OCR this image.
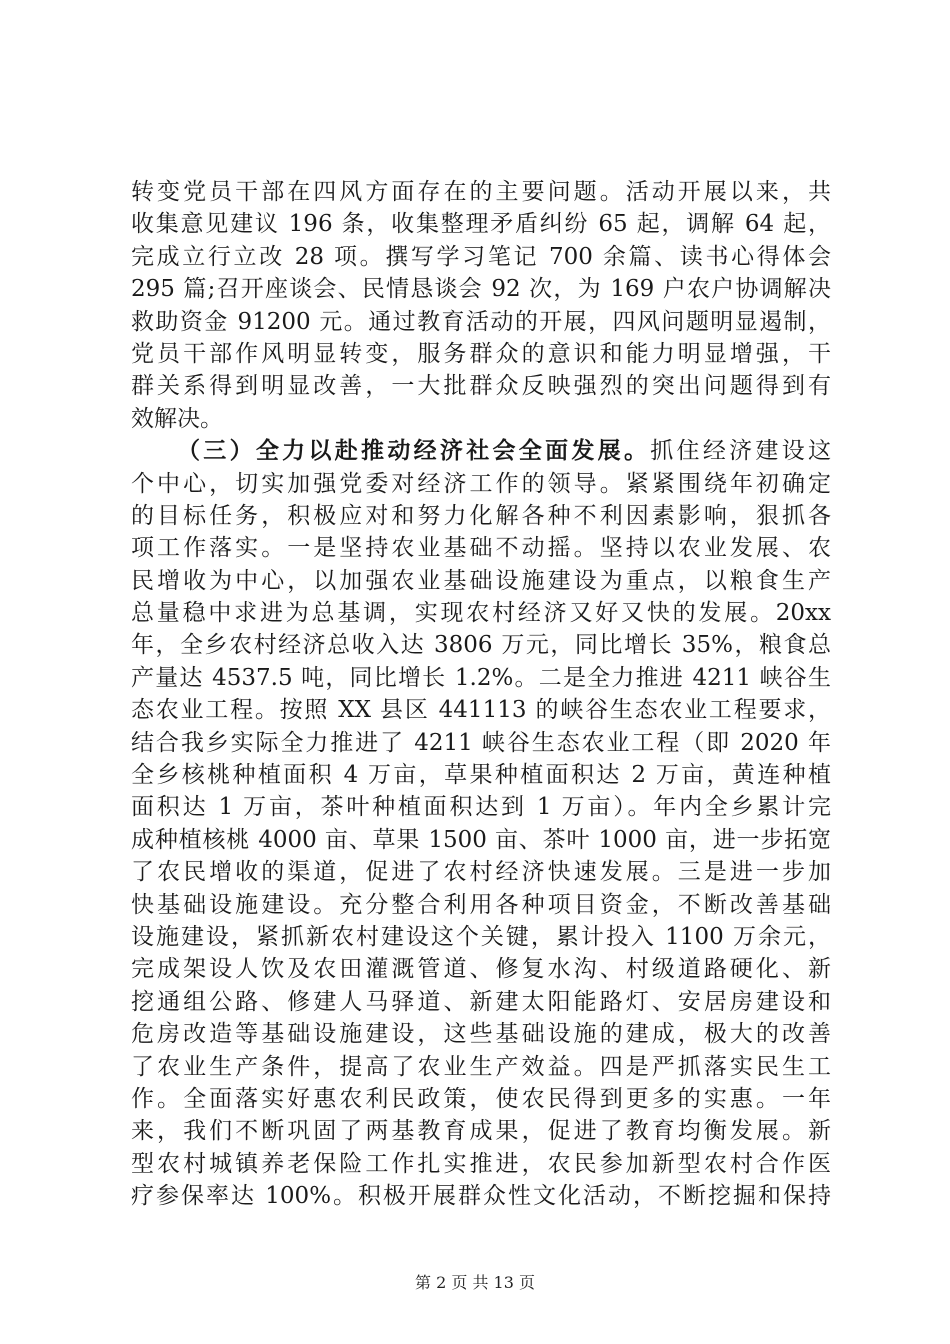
转变党员干部在四风方面存在的主要问题。活动开展以来，共
收集意见建议 196 条，收集整理矛盾纠纷 65 起，调解 64 起，
完成立行立改 28 项。撰写学习笔记 700 余篇、读书心得体会
295 篇;召开座谈会、民情恳谈会 92 次，为 169 户农户协调解决
救助资金 91200 元。通过教育活动的开展，四风问题明显遏制，
党员干部作风明显转变，服务群众的意识和能力明显增强，干
群关系得到明显改善，一大批群众反映强烈的突出问题得到有
效解决。
（三）全力以赴推动经济社会全面发展。抓住经济建设这
个中心，切实加强党委对经济工作的领导。紧紧围绕年初确定
的目标任务，积极应对和努力化解各种不利因素影响，狠抓各
项工作落实。一是坚持农业基础不动摇。坚持以农业发展、农
民增收为中心，以加强农业基础设施建设为重点，以粮食生产
总量稳中求进为总基调，实现农村经济又好又快的发展。20xx
年，全乡农村经济总收入达 3806 万元，同比增长 35%，粮食总
产量达 4537.5 吨，同比增长 1.2%。二是全力推进 4211 峡谷生
态农业工程。按照 XX 县区 441113 的峡谷生态农业工程要求，
结合我乡实际全力推进了 4211 峡谷生态农业工程（即 2020 年
全乡核桃种植面积 4 万亩，草果种植面积达 2 万亩，黄连种植
面积达 1 万亩，茶叶种植面积达到 1 万亩）。年内全乡累计完
成种植核桃 4000 亩、草果 1500 亩、茶叶 1000 亩，进一步拓宽
了农民增收的渠道，促进了农村经济快速发展。三是进一步加
快基础设施建设。充分整合利用各种项目资金，不断改善基础
设施建设，紧抓新农村建设这个关键，累计投入 1100 万余元，
完成架设人饮及农田灌溉管道、修复水沟、村级道路硬化、新
挖通组公路、修建人马驿道、新建太阳能路灯、安居房建设和
危房改造等基础设施建设，这些基础设施的建成，极大的改善
了农业生产条件，提高了农业生产效益。四是严抓落实民生工
作。全面落实好惠农利民政策，使农民得到更多的实惠。一年
来，我们不断巩固了两基教育成果，促进了教育均衡发展。新
型农村城镇养老保险工作扎实推进，农民参加新型农村合作医
疗参保率达 100%。积极开展群众性文化活动，不断挖掘和保持
第 2 页 共 13 页
